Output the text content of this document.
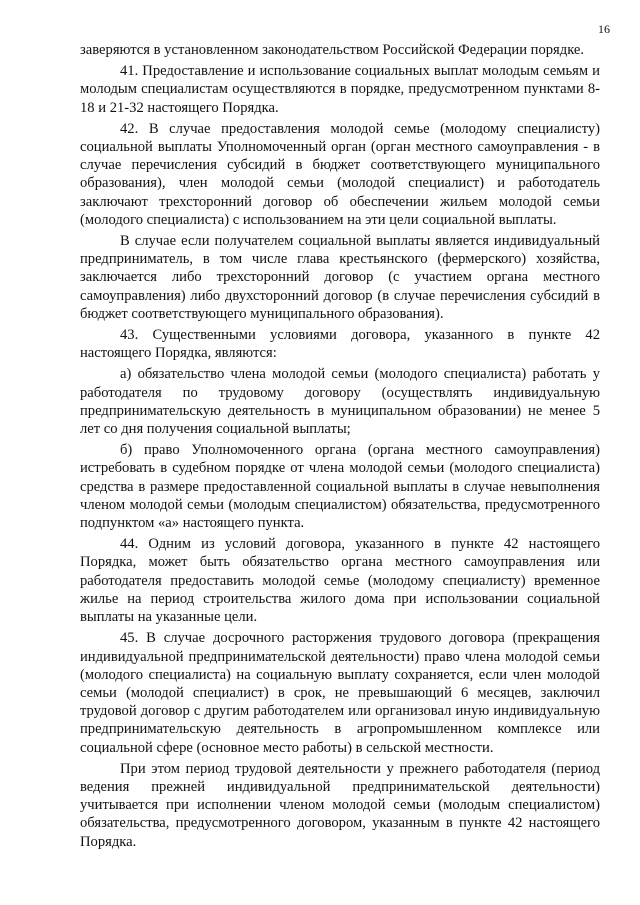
16

заверяются в установленном законодательством Российской Федерации порядке.

41. Предоставление и использование социальных выплат молодым семьям и молодым специалистам осуществляются в порядке, предусмотренном пунктами 8-18 и 21-32 настоящего Порядка.

42. В случае предоставления молодой семье (молодому специалисту) социальной выплаты Уполномоченный орган (орган местного самоуправления - в случае перечисления субсидий в бюджет соответствующего муниципального образования), член молодой семьи (молодой специалист) и работодатель заключают трехсторонний договор об обеспечении жильем молодой семьи (молодого специалиста) с использованием на эти цели социальной выплаты.

В случае если получателем социальной выплаты является индивидуальный предприниматель, в том числе глава крестьянского (фермерского) хозяйства, заключается либо трехсторонний договор (с участием органа местного самоуправления) либо двухсторонний договор (в случае перечисления субсидий в бюджет соответствующего муниципального образования).

43. Существенными условиями договора, указанного в пункте 42 настоящего Порядка, являются:

а) обязательство члена молодой семьи (молодого специалиста) работать у работодателя по трудовому договору (осуществлять индивидуальную предпринимательскую деятельность в муниципальном образовании) не менее 5 лет со дня получения социальной выплаты;

б) право Уполномоченного органа (органа местного самоуправления) истребовать в судебном порядке от члена молодой семьи (молодого специалиста) средства в размере предоставленной социальной выплаты в случае невыполнения членом молодой семьи (молодым специалистом) обязательства, предусмотренного подпунктом «а» настоящего пункта.

44. Одним из условий договора, указанного в пункте 42 настоящего Порядка, может быть обязательство органа местного самоуправления или работодателя предоставить молодой семье (молодому специалисту) временное жилье на период строительства жилого дома при использовании социальной выплаты на указанные цели.

45. В случае досрочного расторжения трудового договора (прекращения индивидуальной предпринимательской деятельности) право члена молодой семьи (молодого специалиста) на социальную выплату сохраняется, если член молодой семьи (молодой специалист) в срок, не превышающий 6 месяцев, заключил трудовой договор с другим работодателем или организовал иную индивидуальную предпринимательскую деятельность в агропромышленном комплексе или социальной сфере (основное место работы) в сельской местности.

При этом период трудовой деятельности у прежнего работодателя (период ведения прежней индивидуальной предпринимательской деятельности) учитывается при исполнении членом молодой семьи (молодым специалистом) обязательства, предусмотренного договором, указанным в пункте 42 настоящего Порядка.
